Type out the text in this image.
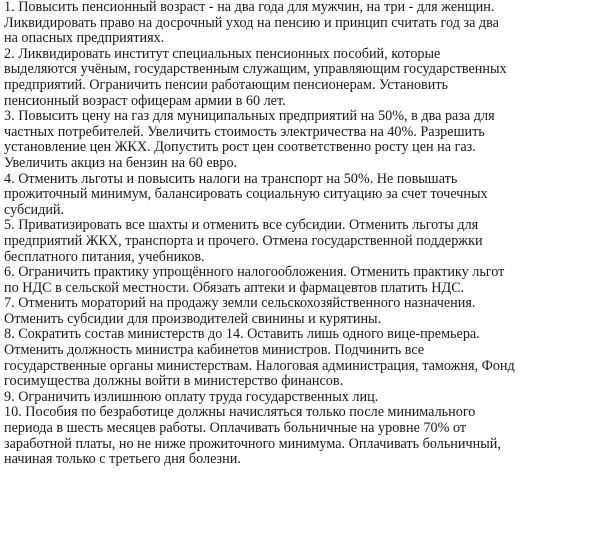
1. Повысить пенсионный возраст - на два года для мужчин, на три - для женщин.
Ликвидировать право на досрочный уход на пенсию и принцип считать год за два
на опасных предприятиях.
2. Ликвидировать институт специальных пенсионных пособий, которые
выделяются учёным, государственным служащим, управляющим государственных
предприятий. Ограничить пенсии работающим пенсионерам. Установить
пенсионный возраст офицерам армии в 60 лет.
3. Повысить цену на газ для муниципальных предприятий на 50%, в два раза для
частных потребителей. Увеличить стоимость электричества на 40%. Разрешить
установление цен ЖКХ. Допустить рост цен соответственно росту цен на газ.
Увеличить акциз на бензин на 60 евро.
4. Отменить льготы и повысить налоги на транспорт на 50%. Не повышать
прожиточный минимум, балансировать социальную ситуацию за счет точечных
субсидий.
5. Приватизировать все шахты и отменить все субсидии. Отменить льготы для
предприятий ЖКХ, транспорта и прочего. Отмена государственной поддержки
бесплатного питания, учебников.
6. Ограничить практику упрощённого налогообложения. Отменить практику льгот
по НДС в сельской местности. Обязать аптеки и фармацевтов платить НДС.
7. Отменить мораторий на продажу земли сельскохозяйственного назначения.
Отменить субсидии для производителей свинины и курятины.
8. Сократить состав министерств до 14. Оставить лишь одного вице-премьера.
Отменить должность министра кабинетов министров. Подчинить все
государственные органы министерствам. Налоговая администрация, таможня, Фонд
госимущества должны войти в министерство финансов.
9. Ограничить излишнюю оплату труда государственных лиц.
10. Пособия по безработице должны начисляться только после минимального
периода в шесть месяцев работы. Оплачивать больничные на уровне 70% от
заработной платы, но не ниже прожиточного минимума. Оплачивать больничный,
начиная только с третьего дня болезни.
